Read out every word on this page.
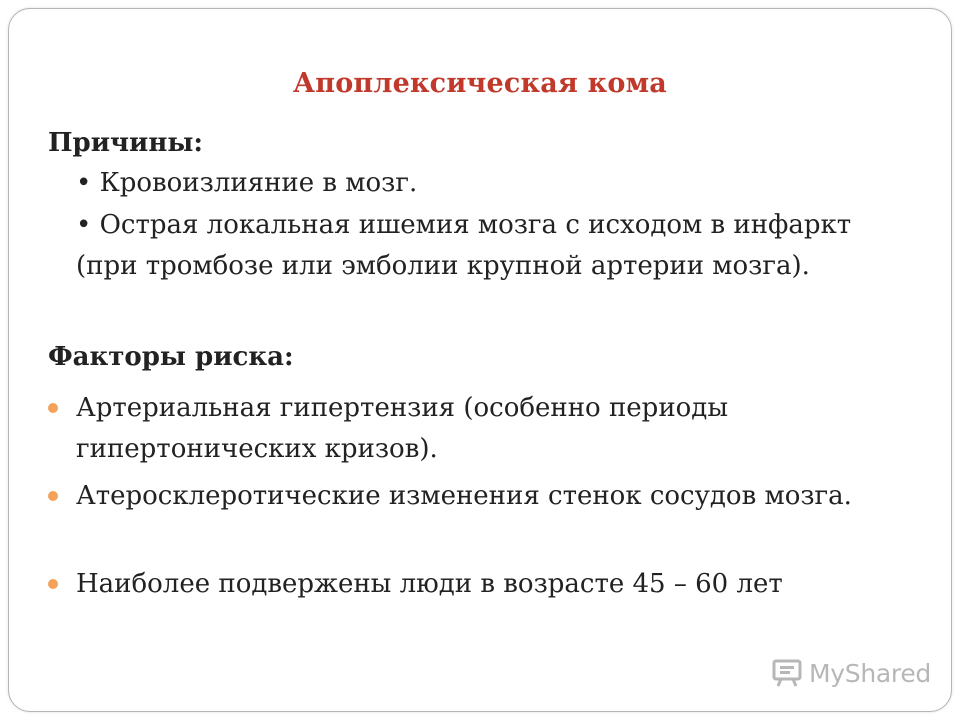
Апоплексическая кома
Причины:
• Кровоизлияние в мозг.
• Острая локальная ишемия мозга с исходом в инфаркт (при тромбозе или эмболии крупной артерии мозга).
Факторы риска:
Артериальная гипертензия (особенно периоды гипертонических кризов).
Атеросклеротические изменения стенок сосудов мозга.
Наиболее подвержены люди в возрасте 45 – 60 лет
MyShared
